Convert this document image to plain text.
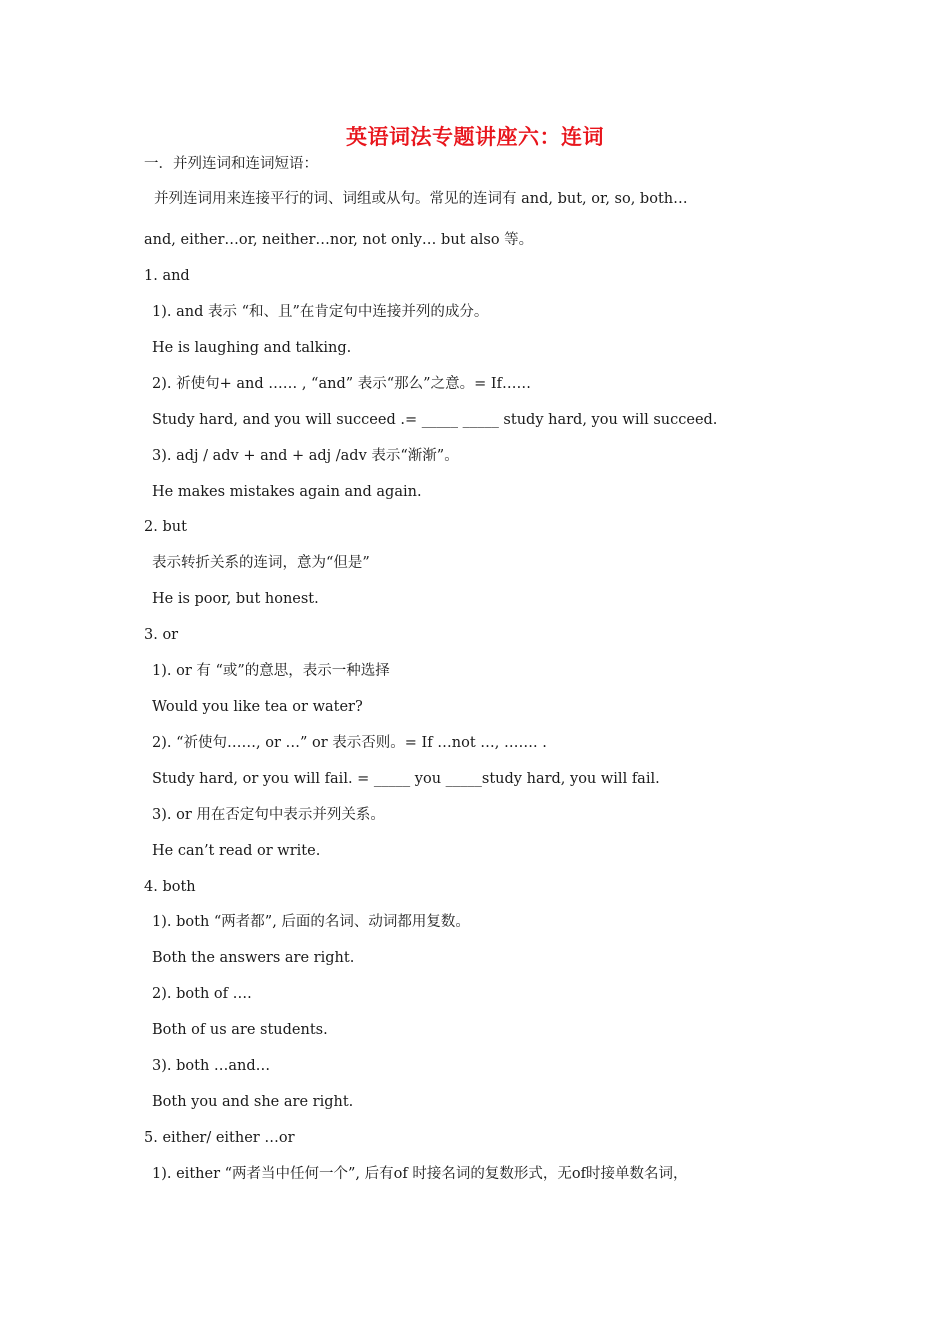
英语词法专题讲座六：连词
一．并列连词和连词短语：
并列连词用来连接平行的词、词组或从句。常见的连词有 and, but, or, so, both…
and, either…or, neither…nor, not only… but also 等。
1. and
1). and 表示 “和、且”在肯定句中连接并列的成分。
He is laughing and talking.
2). 祈使句+ and …… , “and” 表示“那么”之意。= If……
Study hard, and you will succeed .= _____ _____ study hard, you will succeed.
3). adj / adv + and + adj /adv 表示“渐渐”。
He makes mistakes again and again.
2. but
表示转折关系的连词，意为“但是”
He is poor, but honest.
3. or
1). or 有 “或”的意思，表示一种选择
Would you like tea or water?
2). “祈使句……, or …” or 表示否则。= If …not …, ……. .
Study hard, or you will fail. = _____ you _____study hard, you will fail.
3). or 用在否定句中表示并列关系。
He can’t read or write.
4. both
1). both “两者都”, 后面的名词、动词都用复数。
Both the answers are right.
2). both of ….
Both of us are students.
3). both …and…
Both you and she are right.
5. either/ either …or
1). either “两者当中任何一个”, 后有of 时接名词的复数形式，无of时接单数名词，
